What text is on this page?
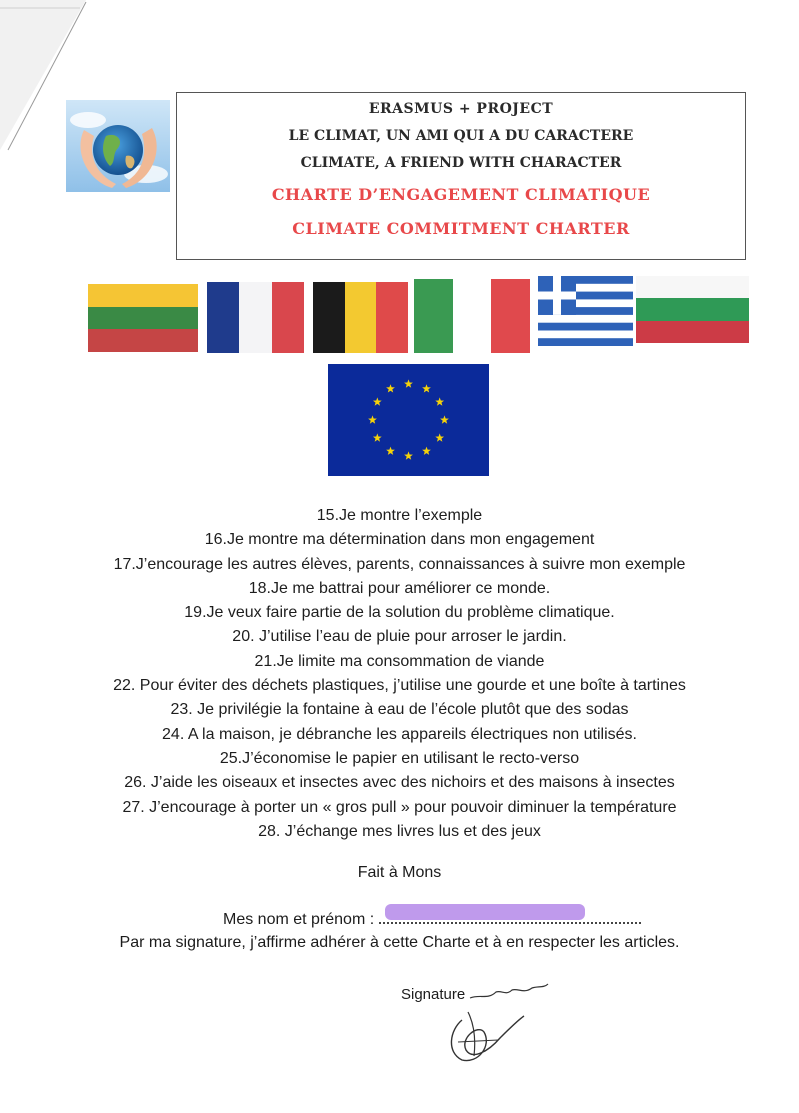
ERASMUS + PROJECT
LE CLIMAT, UN AMI QUI A DU CARACTERE
CLIMATE, A FRIEND WITH CHARACTER
CHARTE D’ENGAGEMENT CLIMATIQUE
CLIMATE COMMITMENT CHARTER
15.Je montre l’exemple
16.Je montre ma détermination dans mon engagement
17.J’encourage les autres élèves, parents, connaissances à suivre mon exemple
18.Je me battrai pour améliorer ce monde.
19.Je veux faire partie de la solution du problème climatique.
20. J’utilise l’eau de pluie pour arroser le jardin.
21.Je limite ma consommation de viande
22. Pour éviter des déchets plastiques, j’utilise une gourde et une boîte à tartines
23. Je privilégie la fontaine à eau de l’école plutôt que des sodas
24. A la maison, je débranche les appareils électriques non utilisés.
25.J’économise le papier en utilisant le recto-verso
26. J’aide les oiseaux et insectes avec des nichoirs et des maisons à insectes
27. J’encourage à porter un « gros pull » pour pouvoir diminuer la température
28. J’échange mes livres lus et des jeux
Fait à Mons
Mes nom et prénom :
Par ma signature, j’affirme adhérer à cette Charte et à en respecter les articles.
Signature
